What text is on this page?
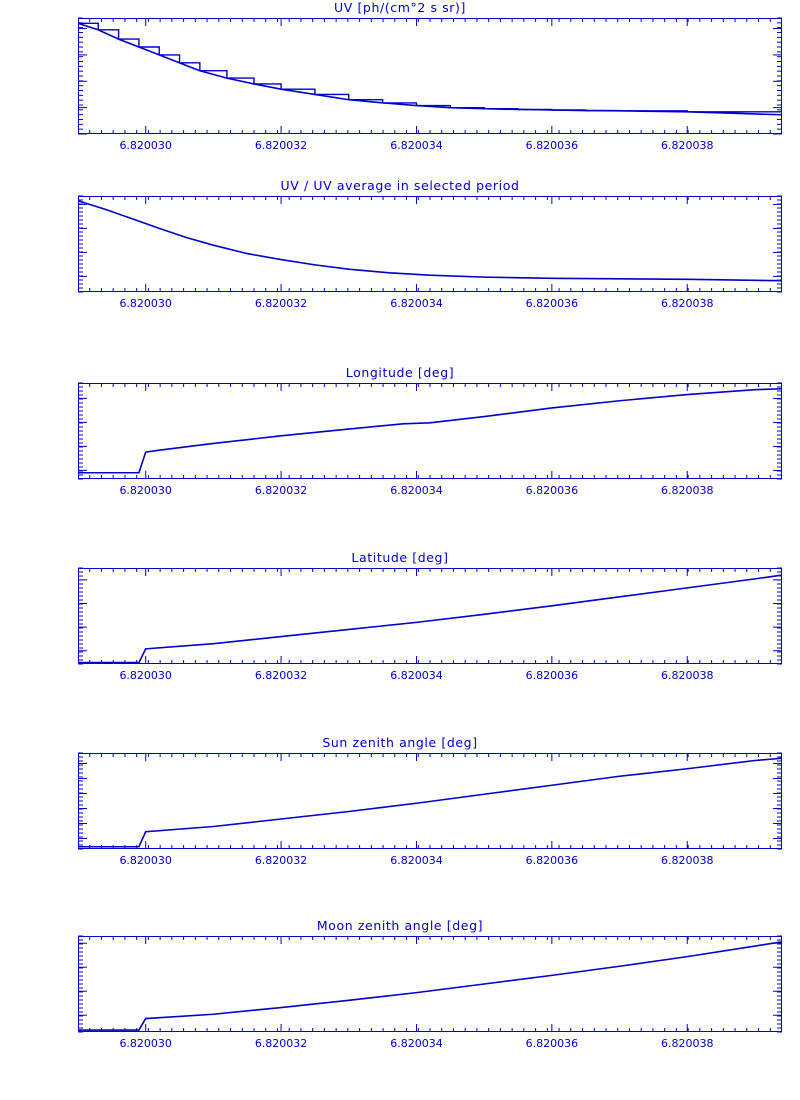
UV [ph/(cm°2 s sr)]
6.820030	6.820032	6.820034	6.820036	6.820038
UV / UV average in selected period
6.820030	6.820032	6.820034	6.820036	6.820038
Longitude [deg]
6.820030	6.820032	6.820034	6.820036	6.820038
Latitude [deg]
6.820030	6.820032	6.820034	6.820036	6.820038
Sun zenith angle [deg]
6.820030	6.820032	6.820034	6.820036	6.820038
Moon zenith angle [deg]
6.820030	6.820032	6.820034	6.820036	6.820038
